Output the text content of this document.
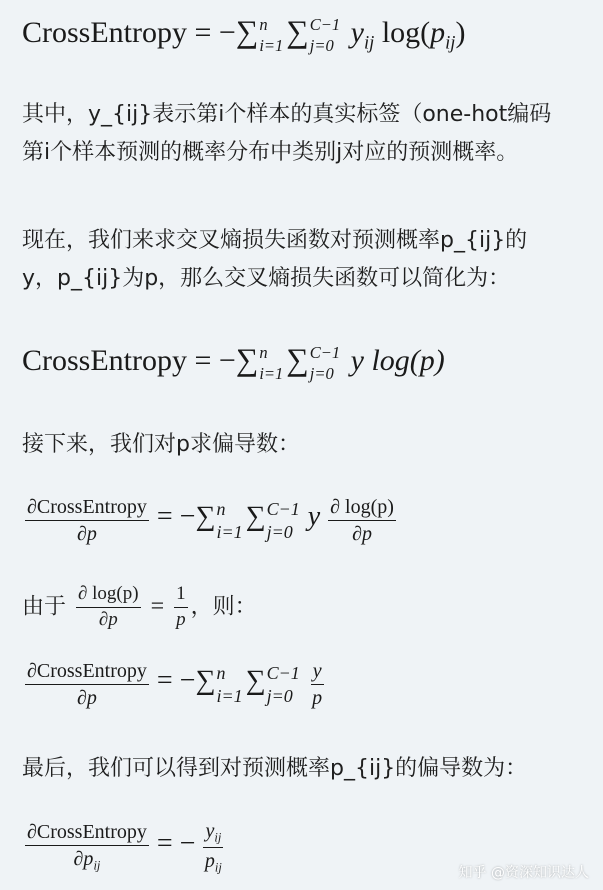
CrossEntropy = −∑ n
i=1 ∑ C−1
j=0 $y_{ij}$ $\log(p_{ij})$
其中，y_{ij}表示第i个样本的真实标签（one-hot编码
第i个样本预测的概率分布中类别j对应的预测概率。
现在，我们来求交叉熵损失函数对预测概率p_{ij}的
y，p_{ij}为p，那么交叉熵损失函数可以简化为：
CrossEntropy = −∑ n
i=1 ∑ C−1
j=0 y log(p)
接下来，我们对p求偏导数：
$\frac{\text{∂CrossEntropy}}{\partial p}$ = −∑ n
i=1 ∑ C−1
j=0 y $\frac{\partial \log(p)}{\partial p}$
由于 $\frac{\partial \log(p)}{\partial p} = \frac{1}{p}$ ，则：
$\frac{\text{∂CrossEntropy}}{\partial p}$ = −∑ n
i=1 ∑ C−1
j=0
$\frac{y}{p}$
最后，我们可以得到对预测概率p_{ij}的偏导数为：
$\frac{\text{∂CrossEntropy}}{\partial p_{ij}}$ = − $\frac{y_{ij}}{p_{ij}}$	知乎 @资深知识达人
